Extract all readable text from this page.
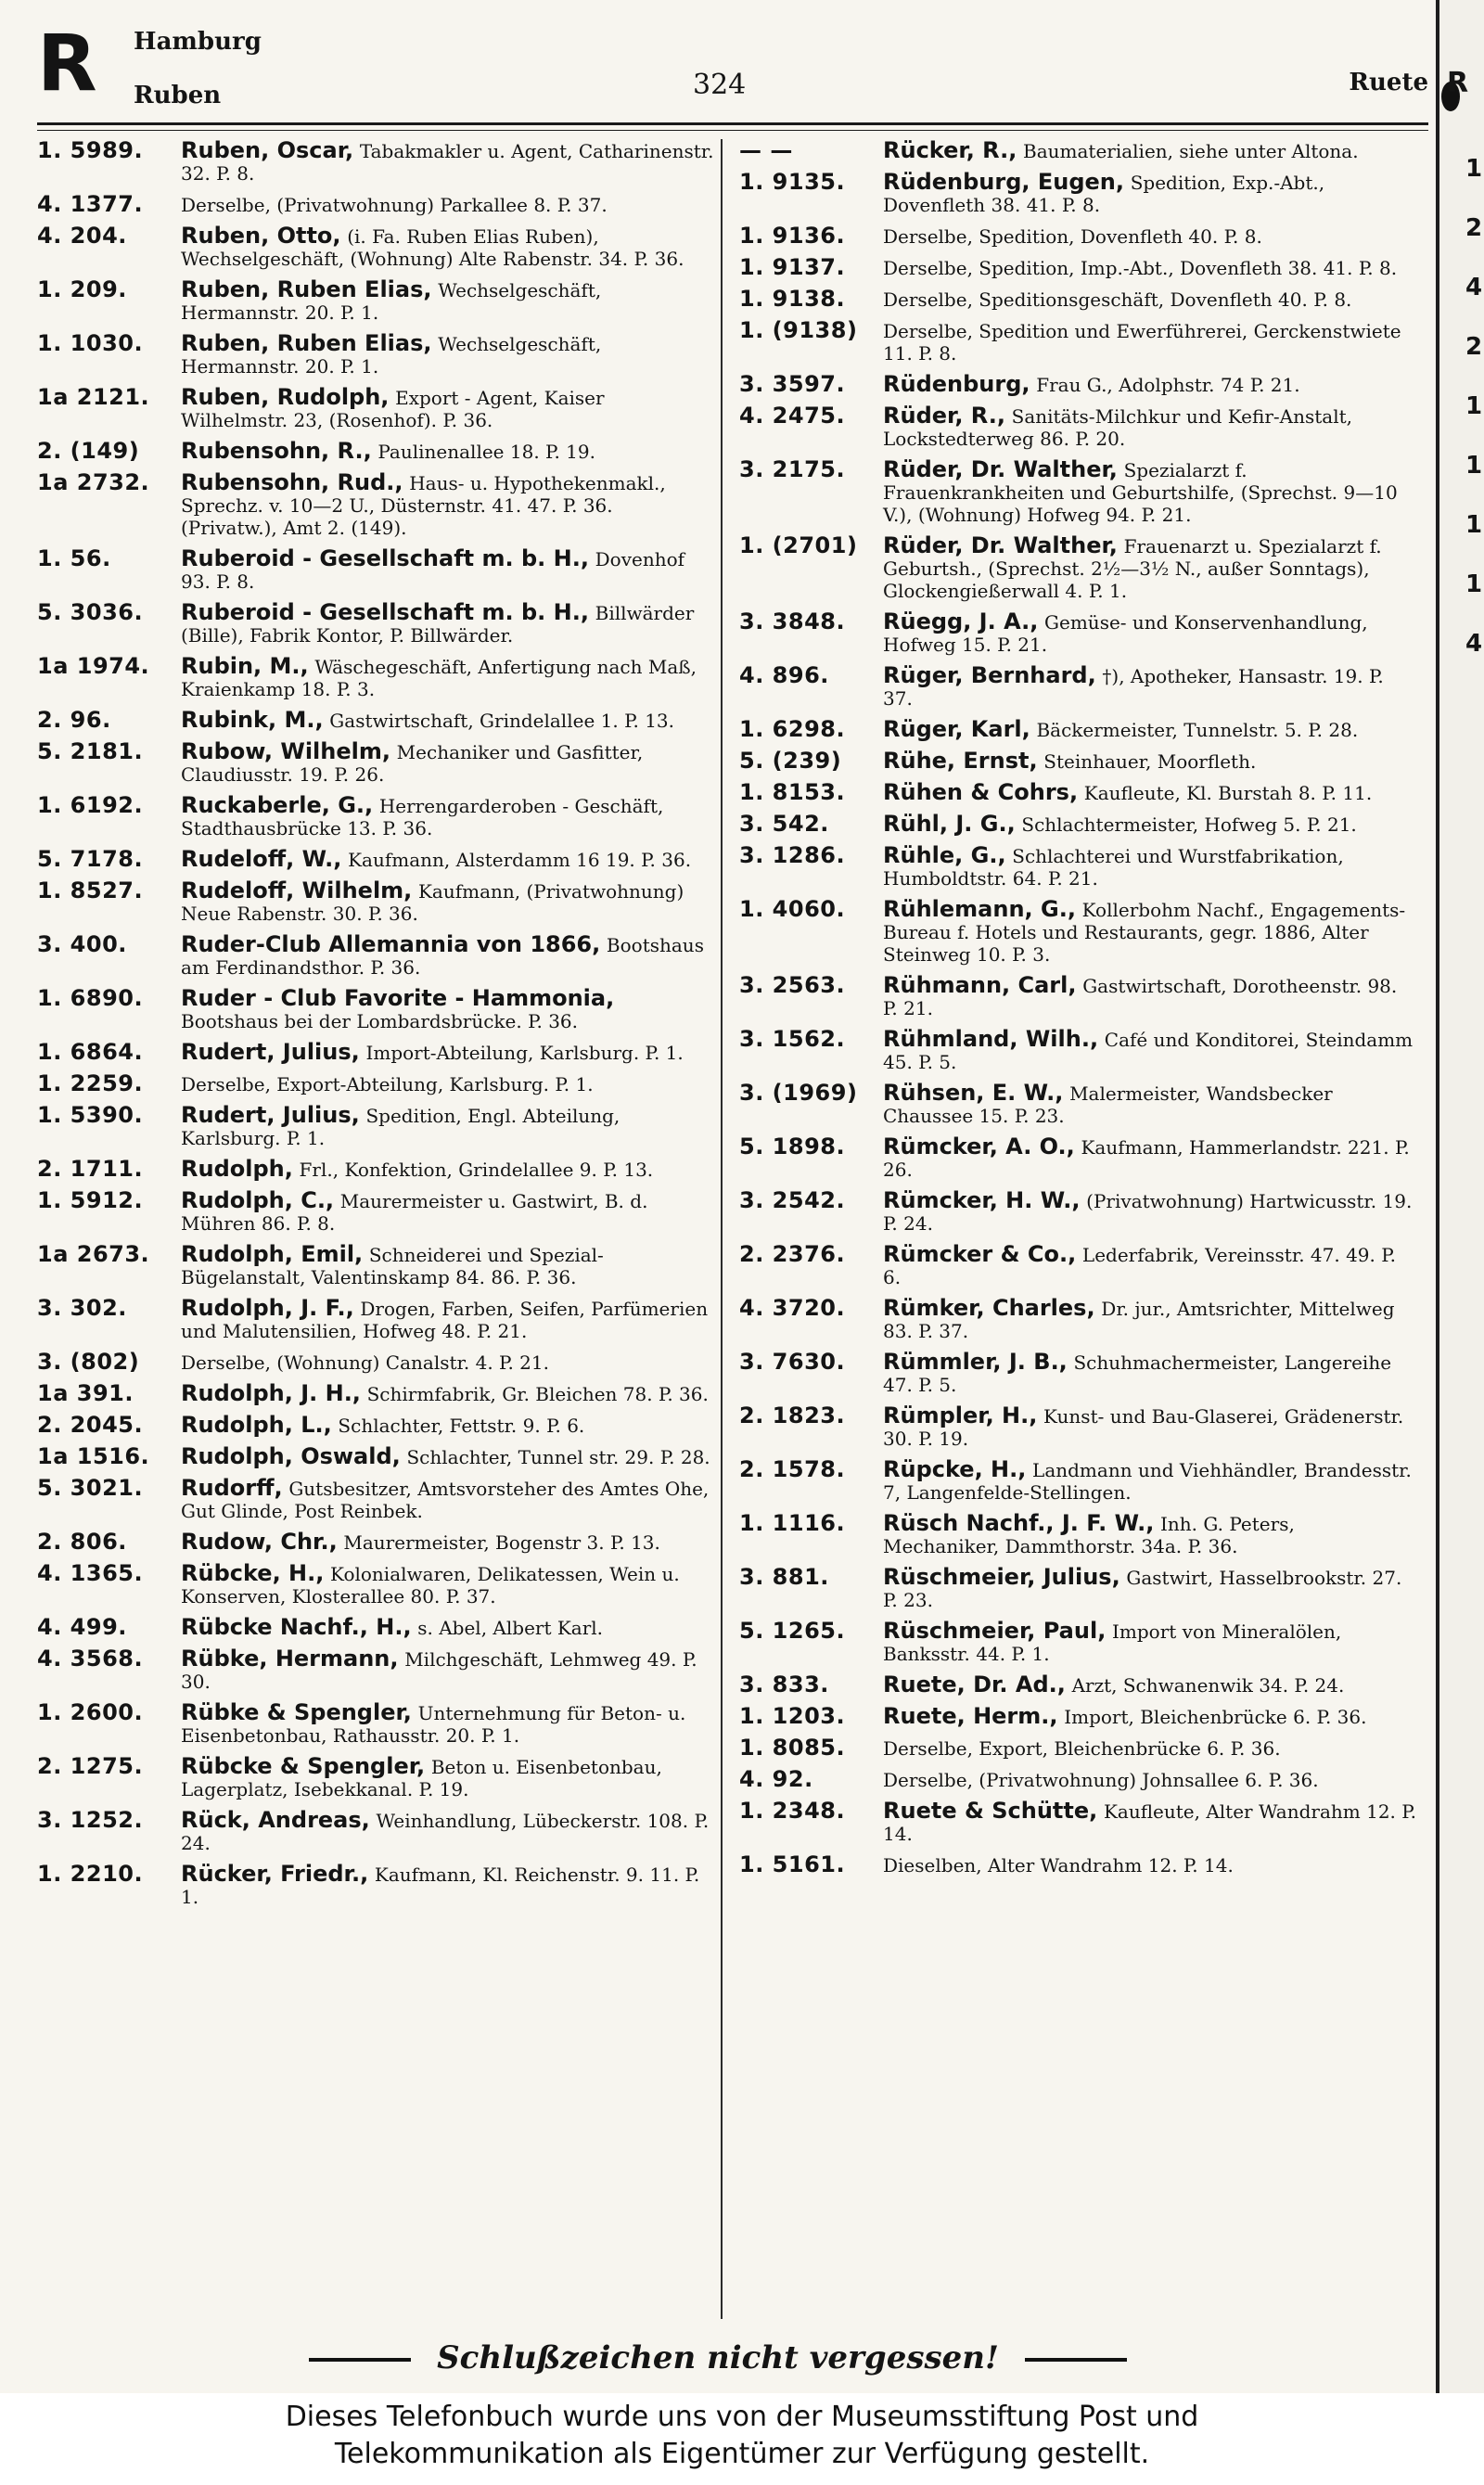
R Hamburg
Ruben	324	Ruete
1. 5989. Ruben, Oscar, Tabakmakler u. Agent, Catharinenstr. 32. P. 8.
4. 1377. Derselbe, (Privatwohnung) Parkallee 8. P. 37.
4. 204. Ruben, Otto, (i. Fa. Ruben Elias Ruben), Wechselgeschäft, (Wohnung) Alte Rabenstr. 34. P. 36.
1. 209. Ruben, Ruben Elias, Wechselgeschäft, Hermannstr. 20. P. 1.
1. 1030. Ruben, Ruben Elias, Wechselgeschäft, Hermannstr. 20. P. 1.
1a 2121. Ruben, Rudolph, Export - Agent, Kaiser Wilhelmstr. 23, (Rosenhof). P. 36.
2. (149) Rubensohn, R., Paulinenallee 18. P. 19.
1a 2732. Rubensohn, Rud., Haus- u. Hypothekenmakl., Sprechz. v. 10—2 U., Düsternstr. 41. 47. P. 36. (Privatw.), Amt 2. (149).
1. 56.	Ruberoid - Gesellschaft m. b. H., Dovenhof 93. P. 8.
5. 3036. Ruberoid - Gesellschaft m. b. H., Billwärder (Bille), Fabrik Kontor, P. Billwärder.
1a 1974. Rubin, M., Wäschegeschäft, Anfertigung nach Maß, Kraienkamp 18. P. 3.
2. 96.	Rubink, M., Gastwirtschaft, Grindelallee 1. P. 13.
5. 2181. Rubow, Wilhelm, Mechaniker und Gasfitter, Claudiusstr. 19. P. 26.
1. 6192. Ruckaberle, G., Herrengarderoben - Geschäft, Stadthausbrücke 13. P. 36.
5. 7178. Rudeloff, W., Kaufmann, Alsterdamm 16 19. P. 36.
1. 8527. Rudeloff, Wilhelm, Kaufmann, (Privatwohnung) Neue Rabenstr. 30. P. 36.
3. 400. Ruder-Club Allemannia von 1866, Bootshaus am Ferdinandsthor. P. 36.
1. 6890. Ruder - Club Favorite - Hammonia, Bootshaus bei der Lombardsbrücke. P. 36.
1. 6864. Rudert, Julius, Import-Abteilung, Karlsburg. P. 1.
1. 2259. Derselbe, Export-Abteilung, Karlsburg. P. 1.
1. 5390. Rudert, Julius, Spedition, Engl. Abteilung, Karlsburg. P. 1.
2. 1711. Rudolph, Frl., Konfektion, Grindelallee 9. P. 13.
1. 5912. Rudolph, C., Maurermeister u. Gastwirt, B. d. Mühren 86. P. 8.
1a 2673. Rudolph, Emil, Schneiderei und Spezial-Bügelanstalt, Valentinskamp 84. 86. P. 36.
3. 302. Rudolph, J. F., Drogen, Farben, Seifen, Parfümerien und Malutensilien, Hofweg 48. P. 21.
3. (802) Derselbe, (Wohnung) Canalstr. 4. P. 21.
1a 391. Rudolph, J. H., Schirmfabrik, Gr. Bleichen 78. P. 36.
2. 2045. Rudolph, L., Schlachter, Fettstr. 9. P. 6.
1a 1516. Rudolph, Oswald, Schlachter, Tunnel str. 29. P. 28.
5. 3021. Rudorff, Gutsbesitzer, Amtsvorsteher des Amtes Ohe, Gut Glinde, Post Reinbek.
2. 806. Rudow, Chr., Maurermeister, Bogenstr 3. P. 13.
4. 1365. Rübcke, H., Kolonialwaren, Delikatessen, Wein u. Konserven, Klosterallee 80. P. 37.
4. 499. Rübcke Nachf., H., s. Abel, Albert Karl.
4. 3568. Rübke, Hermann, Milchgeschäft, Lehmweg 49. P. 30.
1. 2600. Rübke & Spengler, Unternehmung für Beton- u. Eisenbetonbau, Rathausstr. 20. P. 1.
2. 1275. Rübcke & Spengler, Beton u. Eisenbetonbau, Lagerplatz, Isebekkanal. P. 19.
3. 1252. Rück, Andreas, Weinhandlung, Lübeckerstr. 108. P. 24.
1. 2210. Rücker, Friedr., Kaufmann, Kl. Reichenstr. 9. 11. P. 1.
— —	Rücker, R., Baumaterialien, siehe unter Altona.
1. 9135. Rüdenburg, Eugen, Spedition, Exp.-Abt., Dovenfleth 38. 41. P. 8.
1. 9136. Derselbe, Spedition, Dovenfleth 40. P. 8.
1. 9137. Derselbe, Spedition, Imp.-Abt., Dovenfleth 38. 41. P. 8.
1. 9138. Derselbe, Speditionsgeschäft, Dovenfleth 40. P. 8.
1. (9138) Derselbe, Spedition und Ewerführerei, Gerckenstwiete 11. P. 8.
3. 3597. Rüdenburg, Frau G., Adolphstr. 74 P. 21.
4. 2475. Rüder, R., Sanitäts-Milchkur und Kefir-Anstalt, Lockstedterweg 86. P. 20.
3. 2175. Rüder, Dr. Walther, Spezialarzt f. Frauenkrankheiten und Geburtshilfe, (Sprechst. 9—10 V.), (Wohnung) Hofweg 94. P. 21.
1. (2701) Rüder, Dr. Walther, Frauenarzt u. Spezialarzt f. Geburtsh., (Sprechst. 2½—3½ N., außer Sonntags), Glockengießerwall 4. P. 1.
3. 3848. Rüegg, J. A., Gemüse- und Konservenhandlung, Hofweg 15. P. 21.
4. 896. Rüger, Bernhard, †), Apotheker, Hansastr. 19. P. 37.
1. 6298. Rüger, Karl, Bäckermeister, Tunnelstr. 5. P. 28.
5. (239) Rühe, Ernst, Steinhauer, Moorfleth.
1. 8153. Rühen & Cohrs, Kaufleute, Kl. Burstah 8. P. 11.
3. 542. Rühl, J. G., Schlachtermeister, Hofweg 5. P. 21.
3. 1286. Rühle, G., Schlachterei und Wurstfabrikation, Humboldtstr. 64. P. 21.
1. 4060. Rühlemann, G., Kollerbohm Nachf., Engagements-Bureau f. Hotels und Restaurants, gegr. 1886, Alter Steinweg 10. P. 3.
3. 2563. Rühmann, Carl, Gastwirtschaft, Dorotheenstr. 98. P. 21.
3. 1562. Rühmland, Wilh., Café und Konditorei, Steindamm 45. P. 5.
3. (1969) Rühsen, E. W., Malermeister, Wandsbecker Chaussee 15. P. 23.
5. 1898. Rümcker, A. O., Kaufmann, Hammerlandstr. 221. P. 26.
3. 2542. Rümcker, H. W., (Privatwohnung) Hartwicusstr. 19. P. 24.
2. 2376. Rümcker & Co., Lederfabrik, Vereinsstr. 47. 49. P. 6.
4. 3720. Rümker, Charles, Dr. jur., Amtsrichter, Mittelweg 83. P. 37.
3. 7630. Rümmler, J. B., Schuhmachermeister, Langereihe 47. P. 5.
2. 1823. Rümpler, H., Kunst- und Bau-Glaserei, Grädenerstr. 30. P. 19.
2. 1578. Rüpcke, H., Landmann und Viehhändler, Brandesstr. 7, Langenfelde-Stellingen.
1. 1116. Rüsch Nachf., J. F. W., Inh. G. Peters, Mechaniker, Dammthorstr. 34a. P. 36.
3. 881. Rüschmeier, Julius, Gastwirt, Hasselbrookstr. 27. P. 23.
5. 1265. Rüschmeier, Paul, Import von Mineralölen, Banksstr. 44. P. 1.
3. 833. Ruete, Dr. Ad., Arzt, Schwanenwik 34. P. 24.
1. 1203. Ruete, Herm., Import, Bleichenbrücke 6. P. 36.
1. 8085. Derselbe, Export, Bleichenbrücke 6. P. 36.
4. 92.	Derselbe, (Privatwohnung) Johnsallee 6. P. 36.
1. 2348. Ruete & Schütte, Kaufleute, Alter Wandrahm 12. P. 14.
1. 5161. Dieselben, Alter Wandrahm 12. P. 14.
R
1
2
4
2
1
1
1
1
4
Schlußzeichen nicht vergessen!
Dieses Telefonbuch wurde uns von der Museumsstiftung Post und
Telekommunikation als Eigentümer zur Verfügung gestellt.
